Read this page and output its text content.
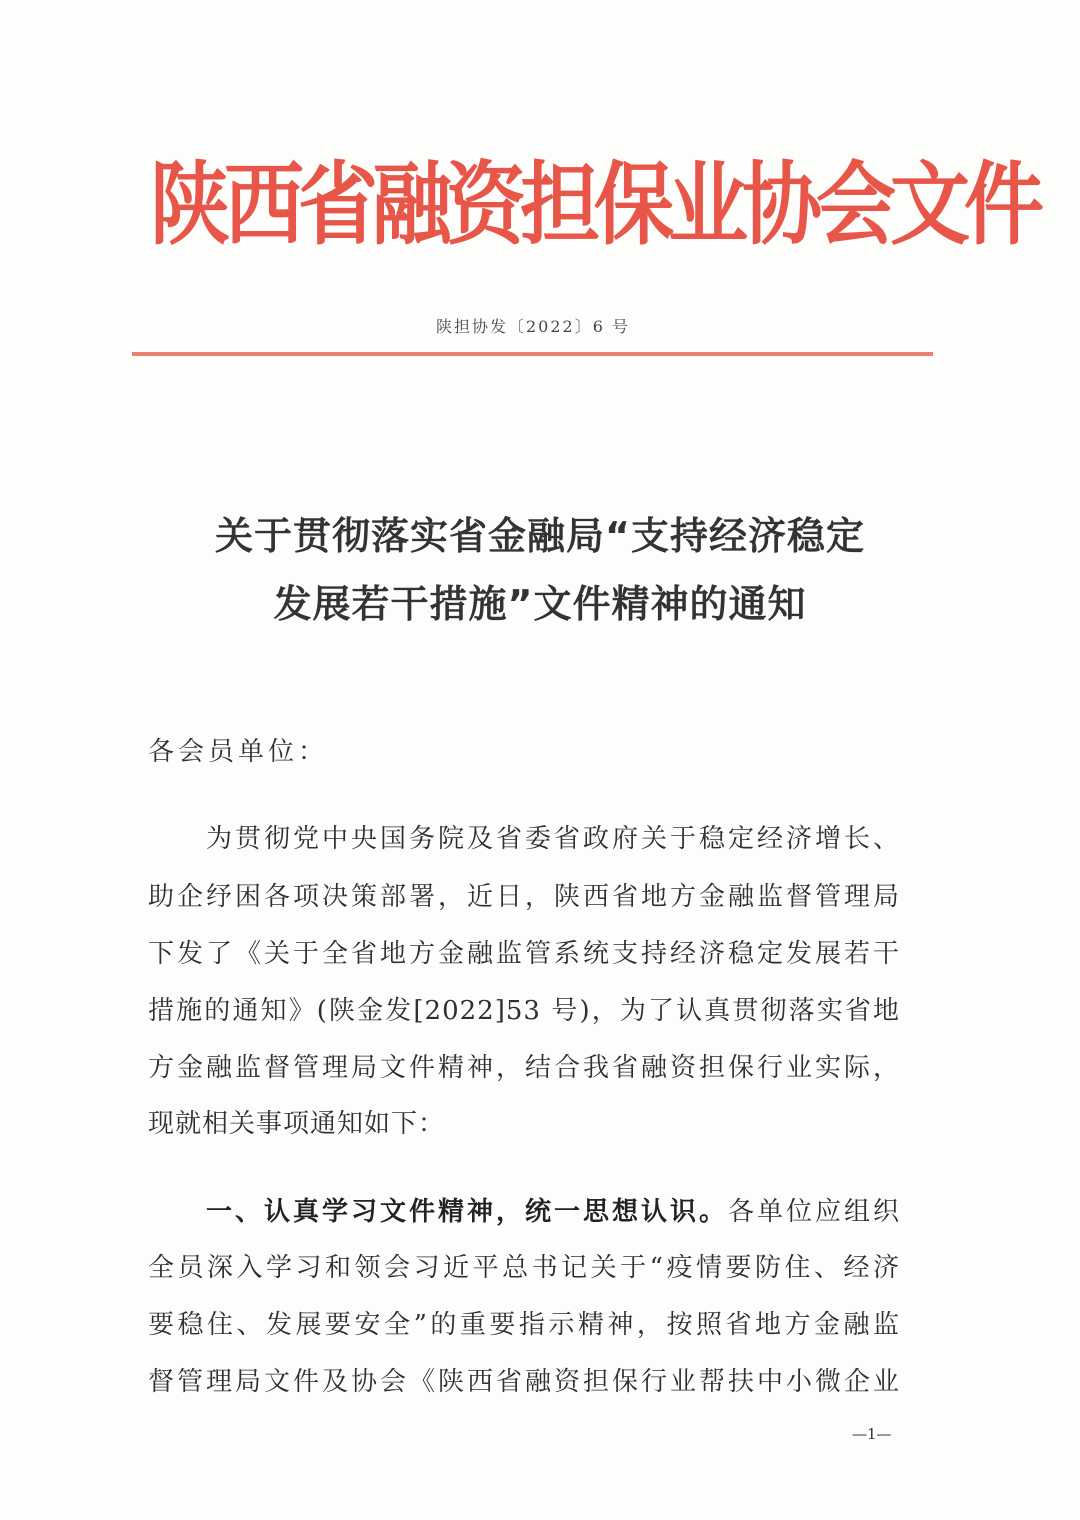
陕西省融资担保业协会文件
陕担协发〔2022〕6 号
关于贯彻落实省金融局“支持经济稳定
发展若干措施”文件精神的通知
各会员单位：
为贯彻党中央国务院及省委省政府关于稳定经济增长、
助企纾困各项决策部署，近日，陕西省地方金融监督管理局
下发了《关于全省地方金融监管系统支持经济稳定发展若干
措施的通知》(陕金发[2022]53 号)，为了认真贯彻落实省地
方金融监督管理局文件精神，结合我省融资担保行业实际，
现就相关事项通知如下：
一、认真学习文件精神，统一思想认识。各单位应组织
全员深入学习和领会习近平总书记关于“疫情要防住、经济
要稳住、发展要安全”的重要指示精神，按照省地方金融监
督管理局文件及协会《陕西省融资担保行业帮扶中小微企业
—1—
